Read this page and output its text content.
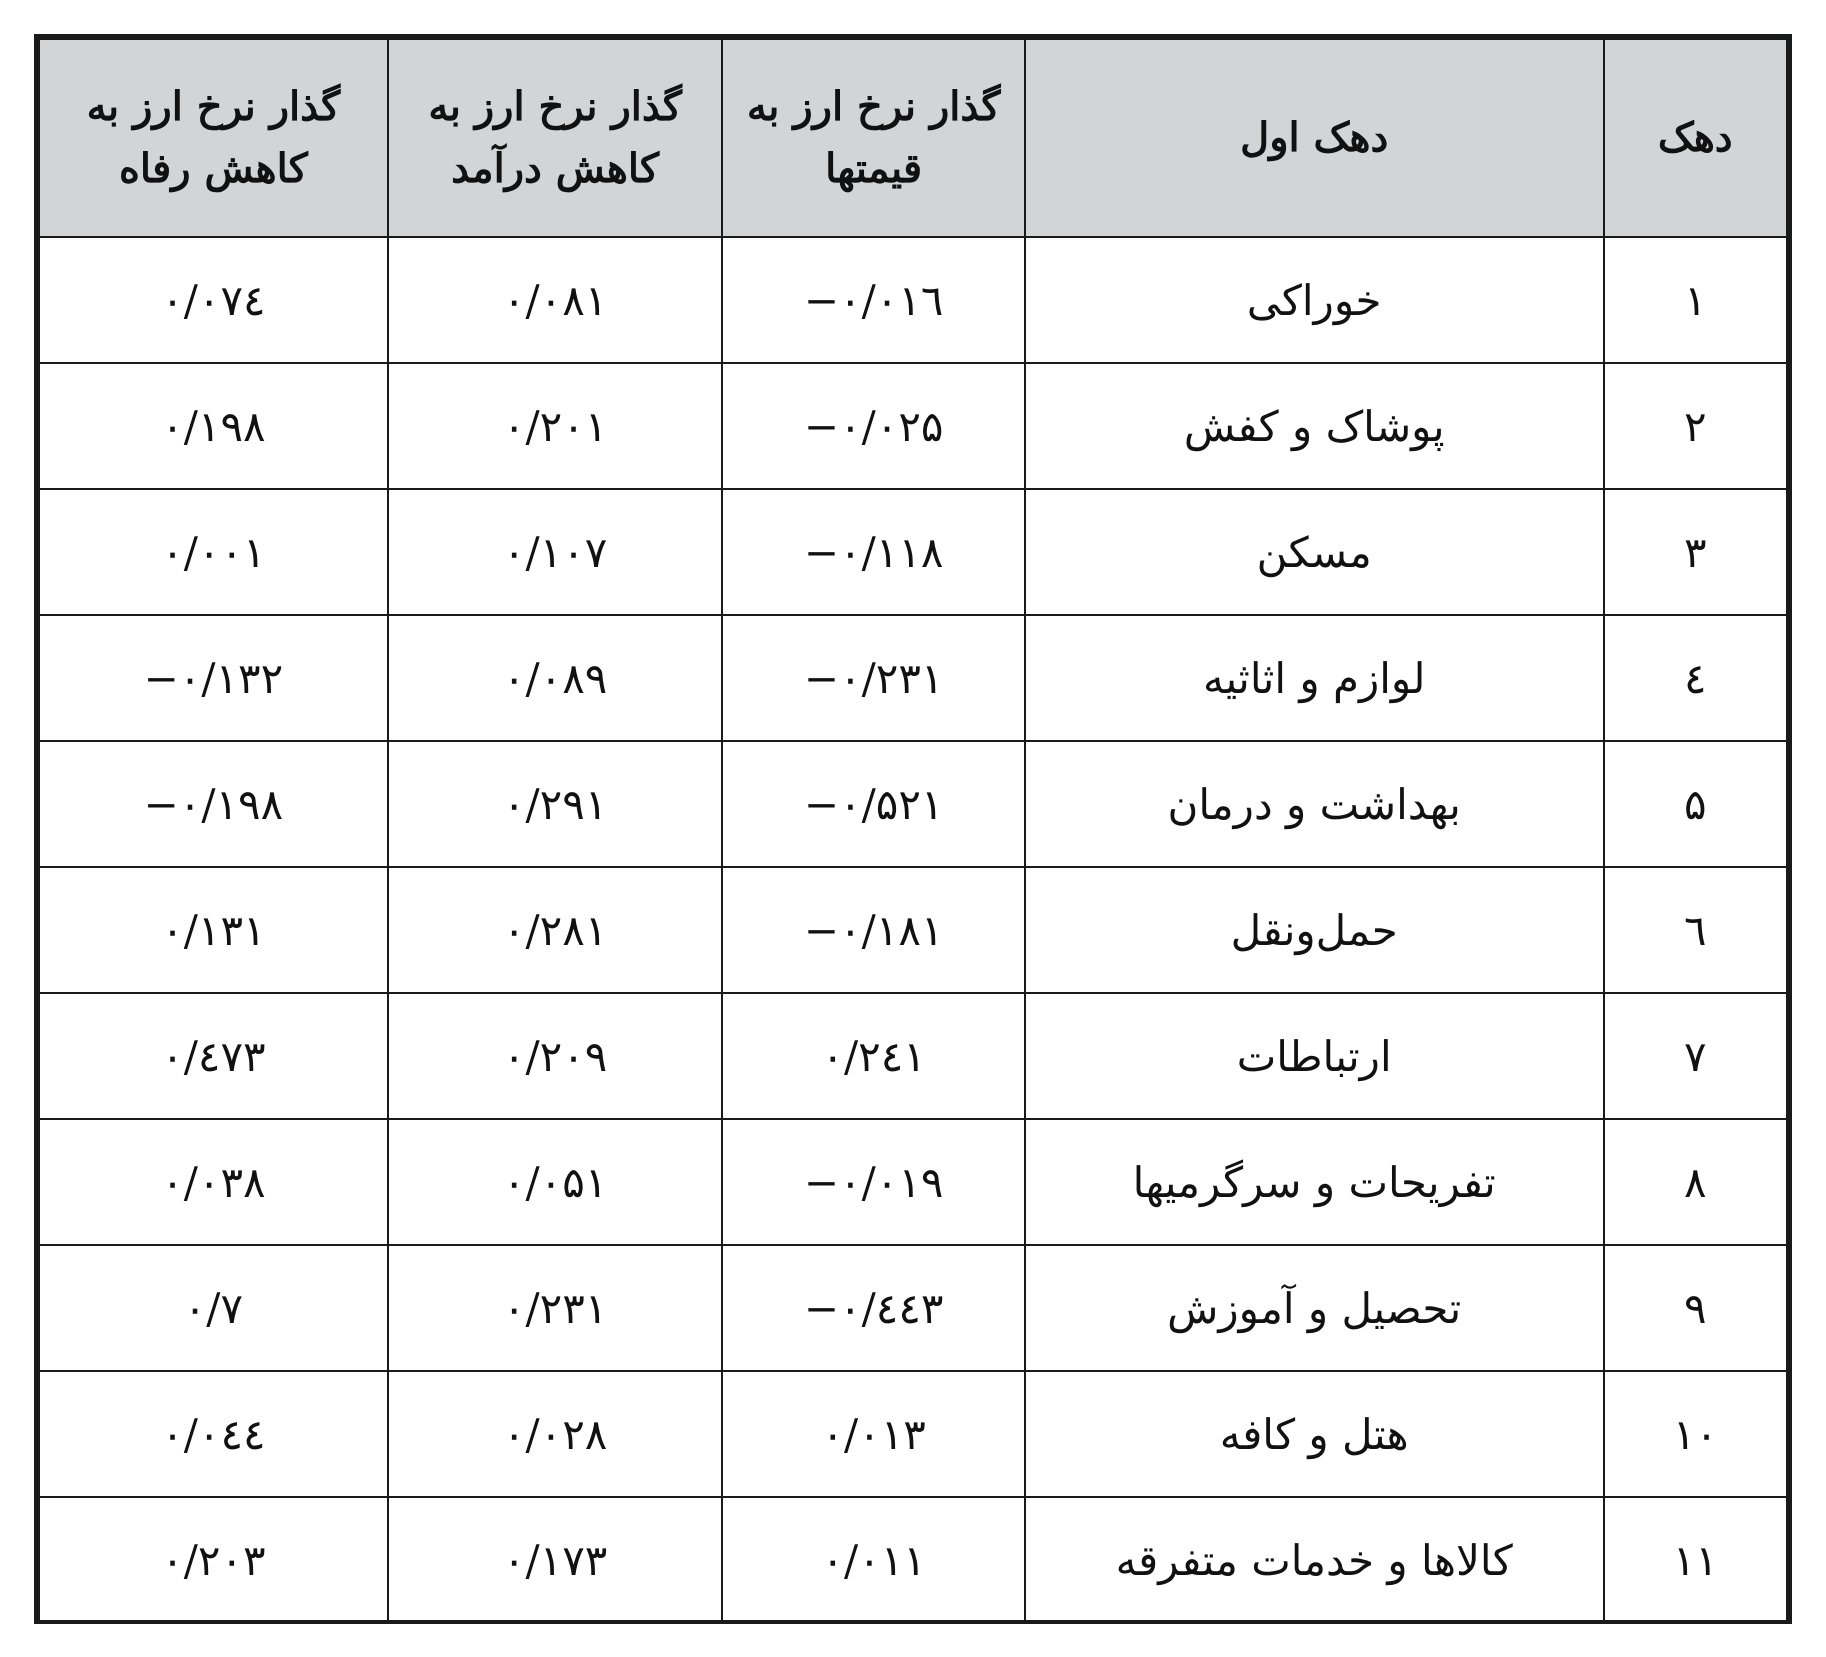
گذار نرخ ارز به کاهش رفاه	گذار نرخ ارز به کاهش درآمد	گذار نرخ ارز به قیمتها	دهک اول	دهک
۰/۰۷٤	۰/۰۸۱	−۰/۰۱٦	خوراکی	۱
۰/۱۹۸	۰/۲۰۱	−۰/۰۲۵	پوشاک و کفش	۲
۰/۰۰۱	۰/۱۰۷	−۰/۱۱۸	مسکن	۳
−۰/۱۳۲	۰/۰۸۹	−۰/۲۳۱	لوازم و اثاثیه	٤
−۰/۱۹۸	۰/۲۹۱	−۰/۵۲۱	بهداشت و درمان	۵
۰/۱۳۱	۰/۲۸۱	−۰/۱۸۱	حمل‌ونقل	٦
۰/٤۷۳	۰/۲۰۹	۰/۲٤۱	ارتباطات	۷
۰/۰۳۸	۰/۰۵۱	−۰/۰۱۹	تفریحات و سرگرمیها	۸
۰/۷	۰/۲۳۱	−۰/٤٤۳	تحصیل و آموزش	۹
۰/۰٤٤	۰/۰۲۸	۰/۰۱۳	هتل و کافه	۱۰
۰/۲۰۳	۰/۱۷۳	۰/۰۱۱	کالاها و خدمات متفرقه	۱۱
